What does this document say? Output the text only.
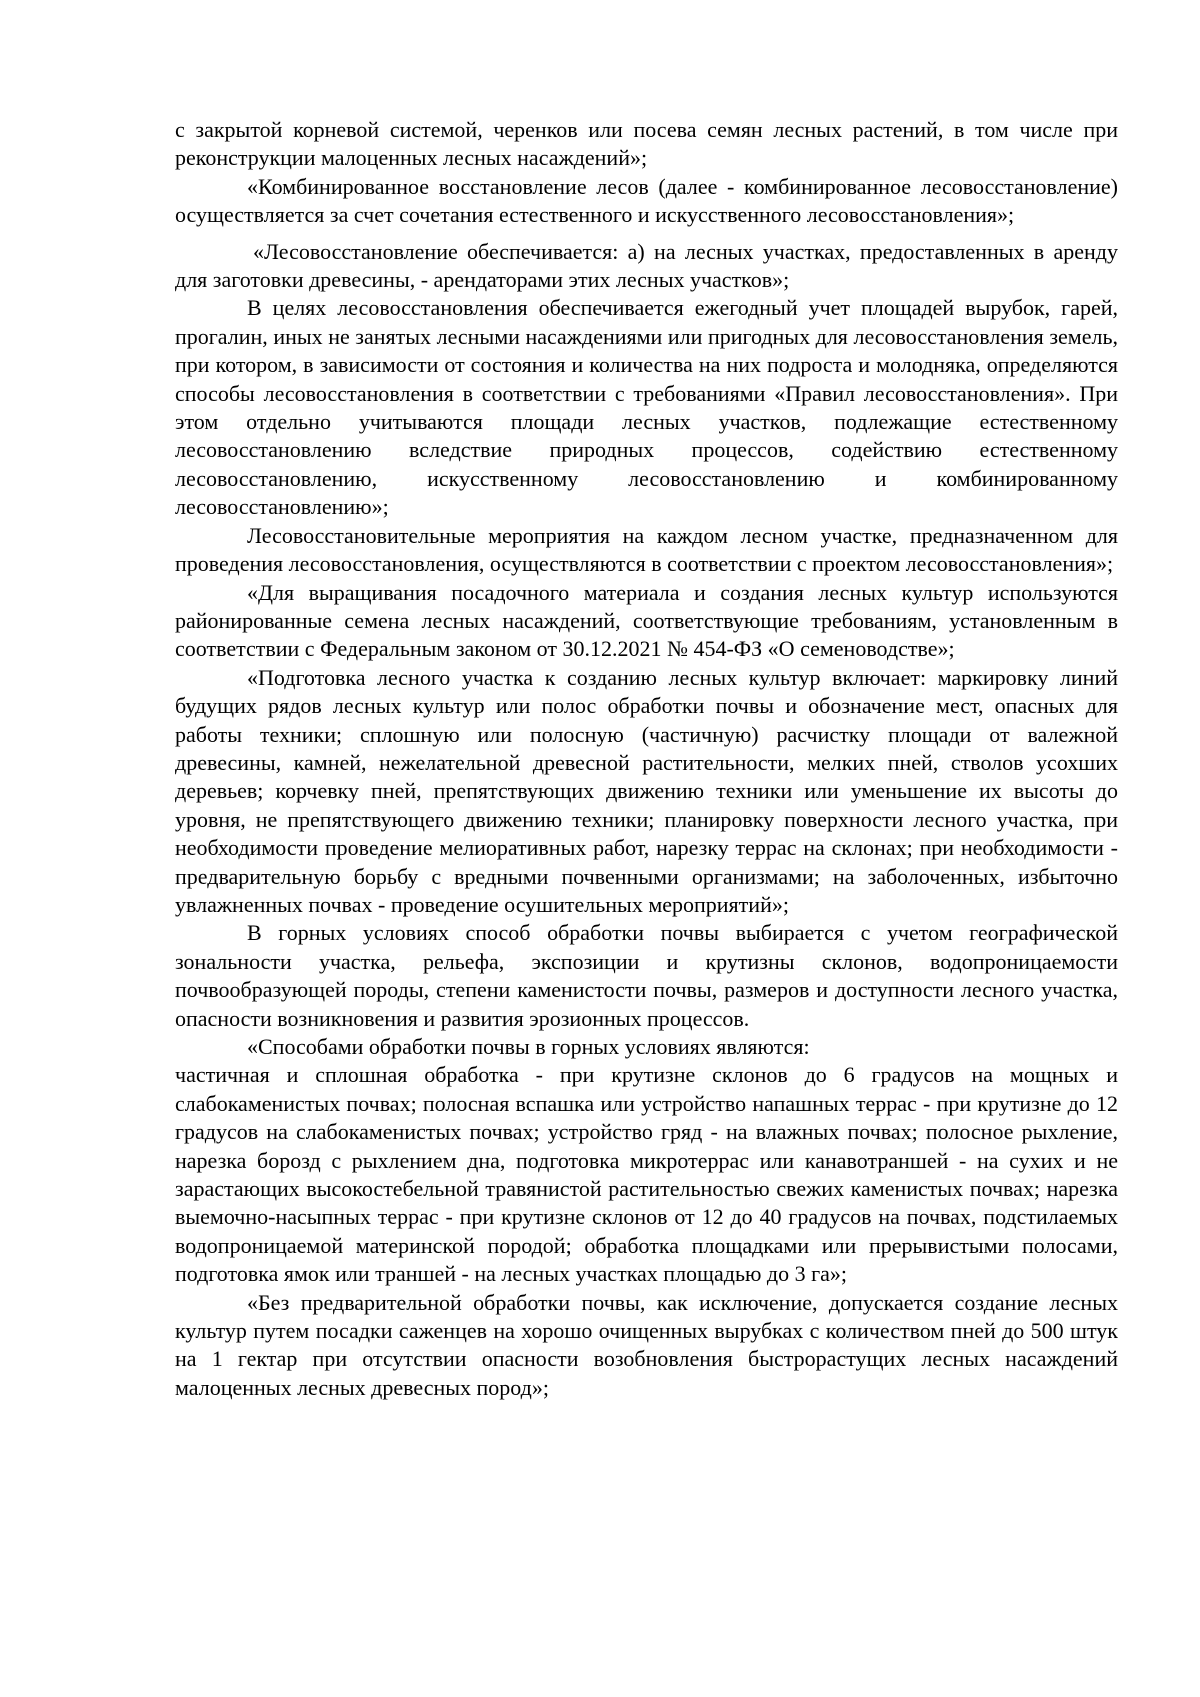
с закрытой корневой системой, черенков или посева семян лесных растений, в том числе при реконструкции малоценных лесных насаждений»;

«Комбинированное восстановление лесов (далее - комбинированное лесовосстановление) осуществляется за счет сочетания естественного и искусственного лесовосстановления»;

«Лесовосстановление обеспечивается: а) на лесных участках, предоставленных в аренду для заготовки древесины, - арендаторами этих лесных участков»;

В целях лесовосстановления обеспечивается ежегодный учет площадей вырубок, гарей, прогалин, иных не занятых лесными насаждениями или пригодных для лесовосстановления земель, при котором, в зависимости от состояния и количества на них подроста и молодняка, определяются способы лесовосстановления в соответствии с требованиями «Правил лесовосстановления». При этом отдельно учитываются площади лесных участков, подлежащие естественному лесовосстановлению вследствие природных процессов, содействию естественному лесовосстановлению, искусственному лесовосстановлению и комбинированному лесовосстановлению»;

Лесовосстановительные мероприятия на каждом лесном участке, предназначенном для проведения лесовосстановления, осуществляются в соответствии с проектом лесовосстановления»;

«Для выращивания посадочного материала и создания лесных культур используются районированные семена лесных насаждений, соответствующие требованиям, установленным в соответствии с Федеральным законом от 30.12.2021 № 454-ФЗ «О семеноводстве»;

«Подготовка лесного участка к созданию лесных культур включает: маркировку линий будущих рядов лесных культур или полос обработки почвы и обозначение мест, опасных для работы техники; сплошную или полосную (частичную) расчистку площади от валежной древесины, камней, нежелательной древесной растительности, мелких пней, стволов усохших деревьев; корчевку пней, препятствующих движению техники или уменьшение их высоты до уровня, не препятствующего движению техники; планировку поверхности лесного участка, при необходимости проведение мелиоративных работ, нарезку террас на склонах; при необходимости - предварительную борьбу с вредными почвенными организмами; на заболоченных, избыточно увлажненных почвах - проведение осушительных мероприятий»;

В горных условиях способ обработки почвы выбирается с учетом географической зональности участка, рельефа, экспозиции и крутизны склонов, водопроницаемости почвообразующей породы, степени каменистости почвы, размеров и доступности лесного участка, опасности возникновения и развития эрозионных процессов.

«Способами обработки почвы в горных условиях являются:

частичная и сплошная обработка - при крутизне склонов до 6 градусов на мощных и слабокаменистых почвах; полосная вспашка или устройство напашных террас - при крутизне до 12 градусов на слабокаменистых почвах; устройство гряд - на влажных почвах; полосное рыхление, нарезка борозд с рыхлением дна, подготовка микротеррас или канавотраншей - на сухих и не зарастающих высокостебельной травянистой растительностью свежих каменистых почвах; нарезка выемочно-насыпных террас - при крутизне склонов от 12 до 40 градусов на почвах, подстилаемых водопроницаемой материнской породой; обработка площадками или прерывистыми полосами, подготовка ямок или траншей - на лесных участках площадью до 3 га»;

«Без предварительной обработки почвы, как исключение, допускается создание лесных культур путем посадки саженцев на хорошо очищенных вырубках с количеством пней до 500 штук на 1 гектар при отсутствии опасности возобновления быстрорастущих лесных насаждений малоценных лесных древесных пород»;
